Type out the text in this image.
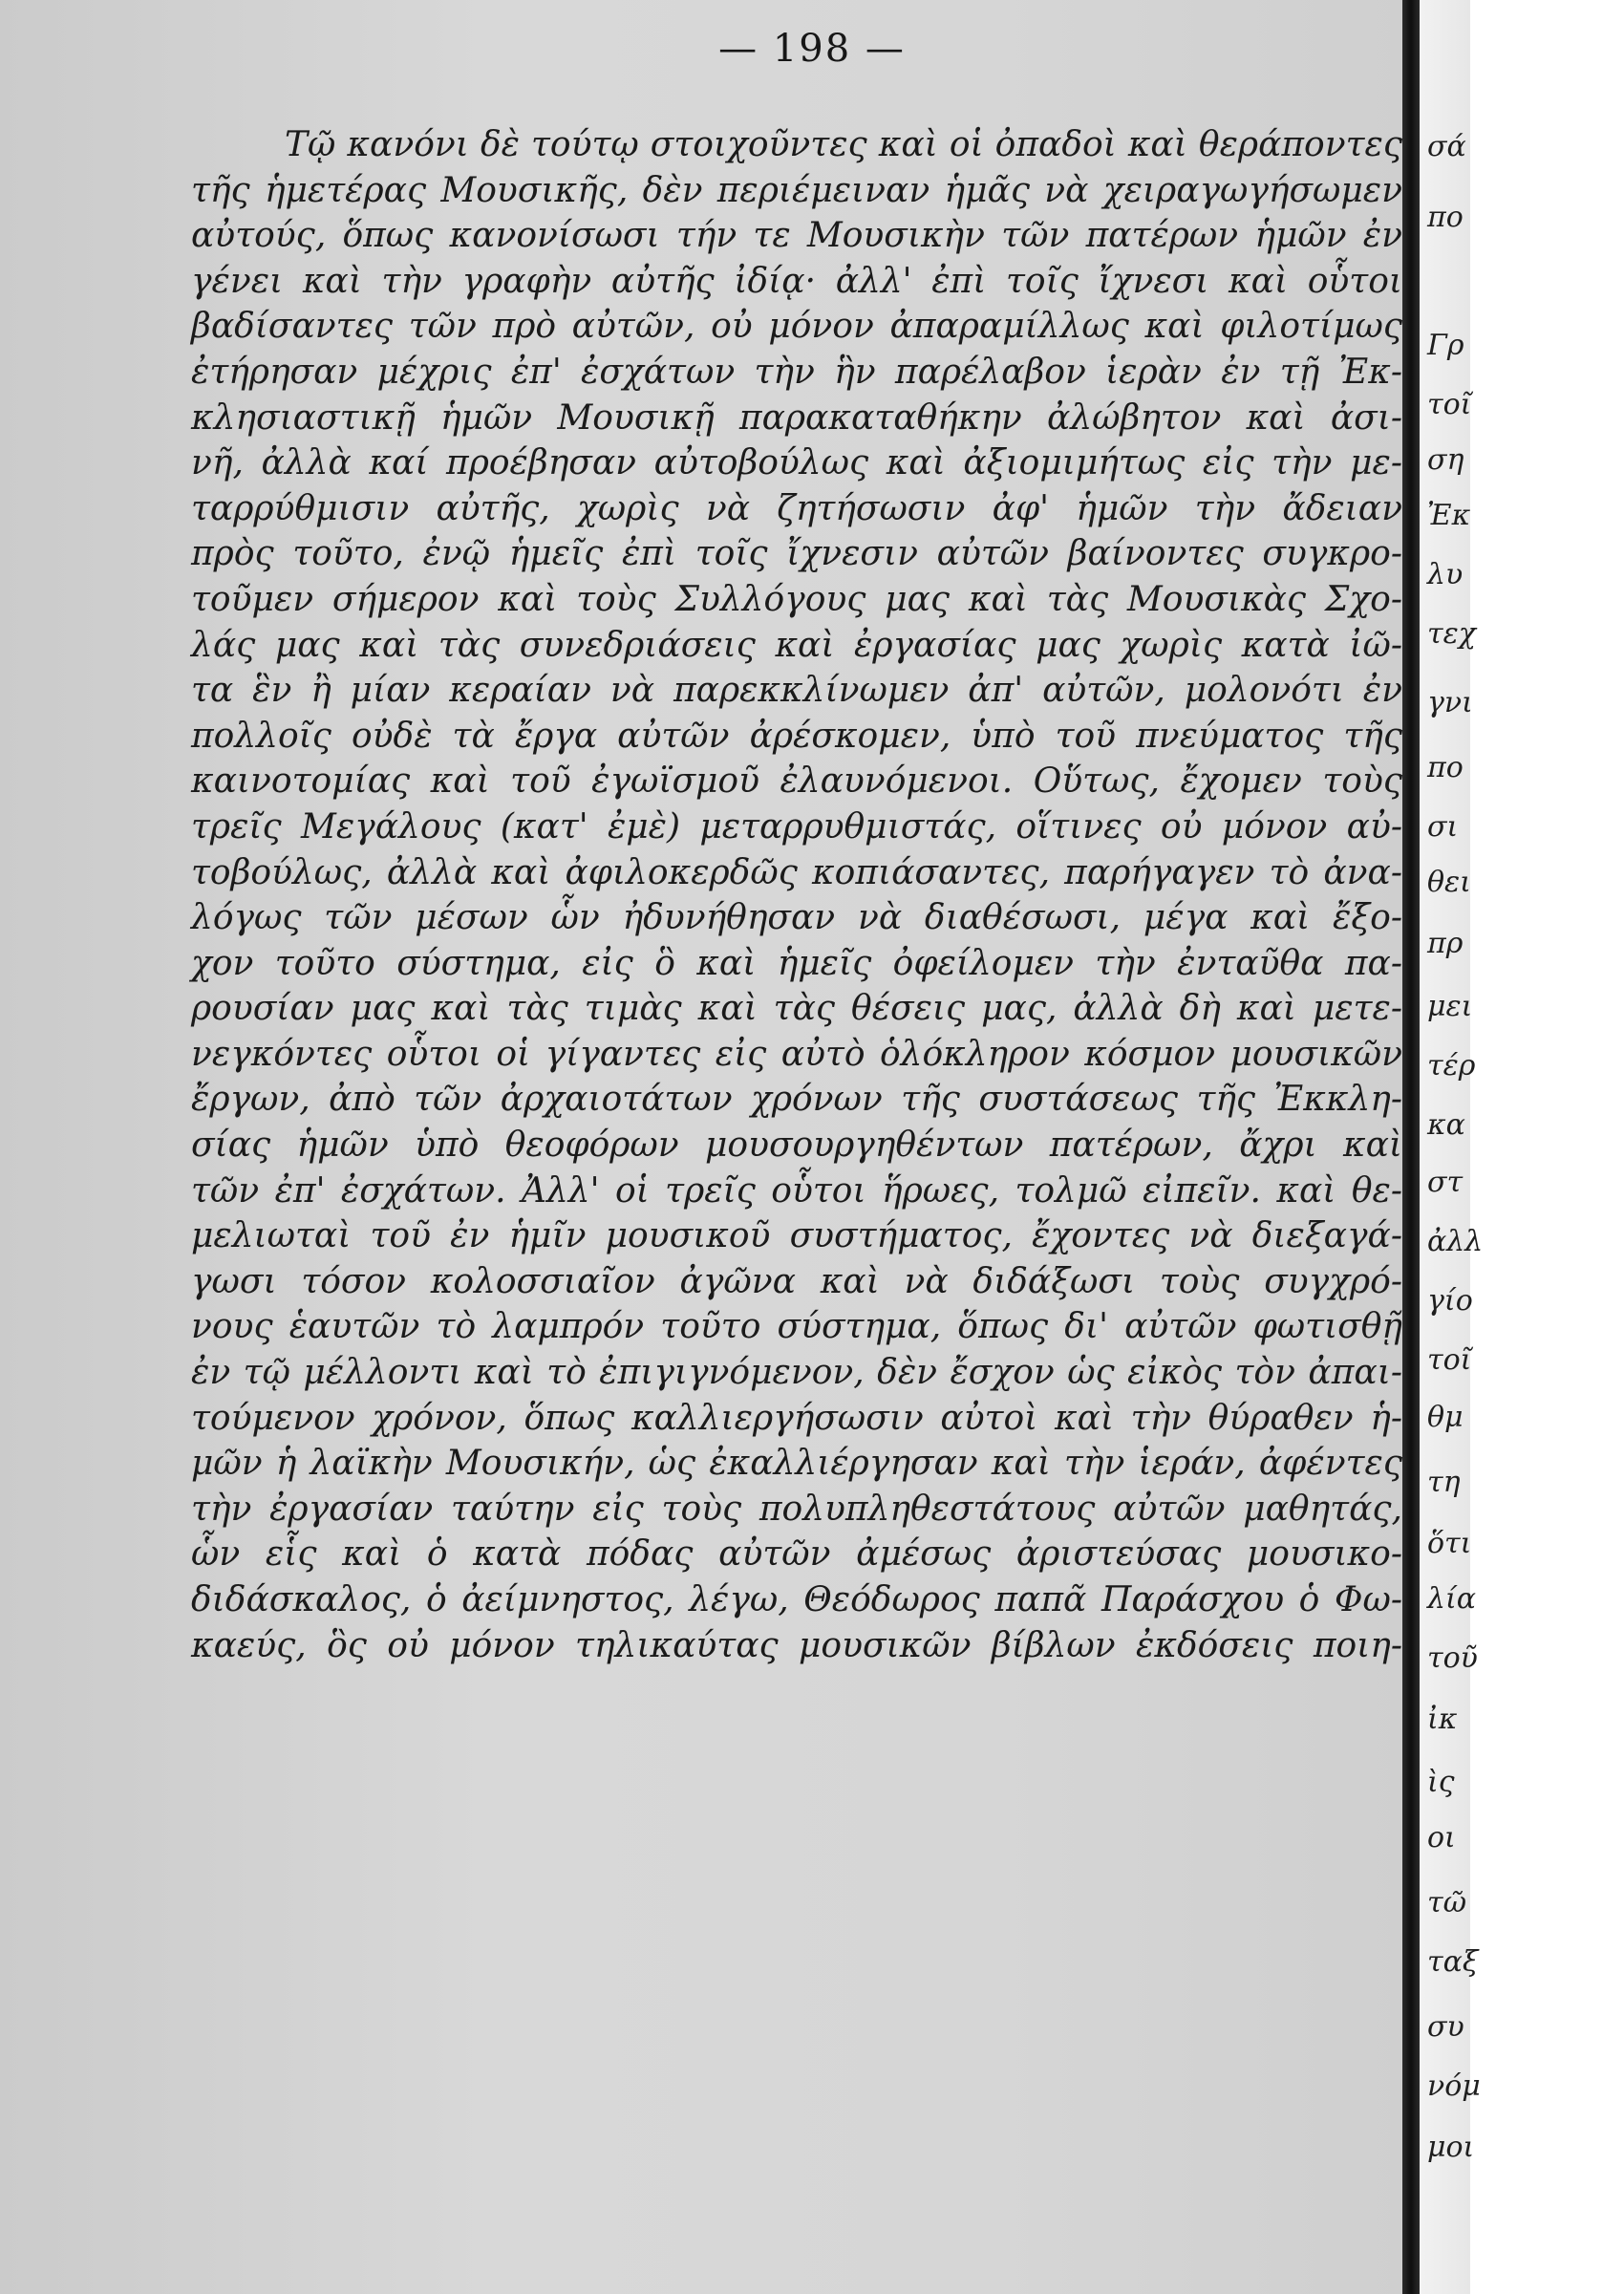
— 198 —
Τῷ κανόνι δὲ τούτῳ στοιχοῦντες καὶ οἱ ὀπαδοὶ καὶ θεράποντες
τῆς ἡμετέρας Μουσικῆς, δὲν περιέμειναν ἡμᾶς νὰ χειραγωγήσωμεν
αὐτούς, ὅπως κανονίσωσι τήν τε Μουσικὴν τῶν πατέρων ἡμῶν ἐν
γένει καὶ τὴν γραφὴν αὐτῆς ἰδίᾳ· ἀλλ' ἐπὶ τοῖς ἴχνεσι καὶ οὗτοι
βαδίσαντες τῶν πρὸ αὐτῶν, οὐ μόνον ἀπαραμίλλως καὶ φιλοτίμως
ἐτήρησαν μέχρις ἐπ' ἐσχάτων τὴν ἣν παρέλαβον ἱερὰν ἐν τῇ Ἐκ-
κλησιαστικῇ ἡμῶν Μουσικῇ παρακαταθήκην ἀλώβητον καὶ ἀσι-
νῆ, ἀλλὰ καί προέβησαν αὐτοβούλως καὶ ἀξιομιμήτως εἰς τὴν με-
ταρρύθμισιν αὐτῆς, χωρὶς νὰ ζητήσωσιν ἀφ' ἡμῶν τὴν ἄδειαν
πρὸς τοῦτο, ἐνῷ ἡμεῖς ἐπὶ τοῖς ἴχνεσιν αὐτῶν βαίνοντες συγκρο-
τοῦμεν σήμερον καὶ τοὺς Συλλόγους μας καὶ τὰς Μουσικὰς Σχο-
λάς μας καὶ τὰς συνεδριάσεις καὶ ἐργασίας μας χωρὶς κατὰ ἰῶ-
τα ἓν ἢ μίαν κεραίαν νὰ παρεκκλίνωμεν ἀπ' αὐτῶν, μολονότι ἐν
πολλοῖς οὐδὲ τὰ ἔργα αὐτῶν ἀρέσκομεν, ὑπὸ τοῦ πνεύματος τῆς
καινοτομίας καὶ τοῦ ἐγωϊσμοῦ ἐλαυνόμενοι. Οὕτως, ἔχομεν τοὺς
τρεῖς Μεγάλους (κατ' ἐμὲ) μεταρρυθμιστάς, οἵτινες οὐ μόνον αὐ-
τοβούλως, ἀλλὰ καὶ ἀφιλοκερδῶς κοπιάσαντες, παρήγαγεν τὸ ἀνα-
λόγως τῶν μέσων ὧν ἠδυνήθησαν νὰ διαθέσωσι, μέγα καὶ ἔξο-
χον τοῦτο σύστημα, εἰς ὃ καὶ ἡμεῖς ὀφείλομεν τὴν ἐνταῦθα πα-
ρουσίαν μας καὶ τὰς τιμὰς καὶ τὰς θέσεις μας, ἀλλὰ δὴ καὶ μετε-
νεγκόντες οὗτοι οἱ γίγαντες εἰς αὐτὸ ὁλόκληρον κόσμον μουσικῶν
ἔργων, ἀπὸ τῶν ἀρχαιοτάτων χρόνων τῆς συστάσεως τῆς Ἐκκλη-
σίας ἡμῶν ὑπὸ θεοφόρων μουσουργηθέντων πατέρων, ἄχρι καὶ
τῶν ἐπ' ἐσχάτων. Ἀλλ' οἱ τρεῖς οὗτοι ἥρωες, τολμῶ εἰπεῖν. καὶ θε-
μελιωταὶ τοῦ ἐν ἡμῖν μουσικοῦ συστήματος, ἔχοντες νὰ διεξαγά-
γωσι τόσον κολοσσιαῖον ἀγῶνα καὶ νὰ διδάξωσι τοὺς συγχρό-
νους ἑαυτῶν τὸ λαμπρόν τοῦτο σύστημα, ὅπως δι' αὐτῶν φωτισθῇ
ἐν τῷ μέλλοντι καὶ τὸ ἐπιγιγνόμενον, δὲν ἔσχον ὡς εἰκὸς τὸν ἀπαι-
τούμενον χρόνον, ὅπως καλλιεργήσωσιν αὐτοὶ καὶ τὴν θύραθεν ἡ-
μῶν ἡ λαϊκὴν Μουσικήν, ὡς ἐκαλλιέργησαν καὶ τὴν ἱεράν, ἀφέντες
τὴν ἐργασίαν ταύτην εἰς τοὺς πολυπληθεστάτους αὐτῶν μαθητάς,
ὧν εἷς καὶ ὁ κατὰ πόδας αὐτῶν ἀμέσως ἀριστεύσας μουσικο-
διδάσκαλος, ὁ ἀείμνηστος, λέγω, Θεόδωρος παπᾶ Παράσχου ὁ Φω-
καεύς, ὃς οὐ μόνον τηλικαύτας μουσικῶν βίβλων ἐκδόσεις ποιη-
σά
πο
Γρ
τοῖ
ση
Ἐκ
λυ
τεχ
γνι
πο
σι
θει
πρ
μει
τέρ
κα
στ
ἀλλ
γίο
τοῖ
θμ
τη
ὅτι
λία
τοῦ
ἰκ
ὶς
οι
τῶ
ταξ
συ
νόμ
μοι
